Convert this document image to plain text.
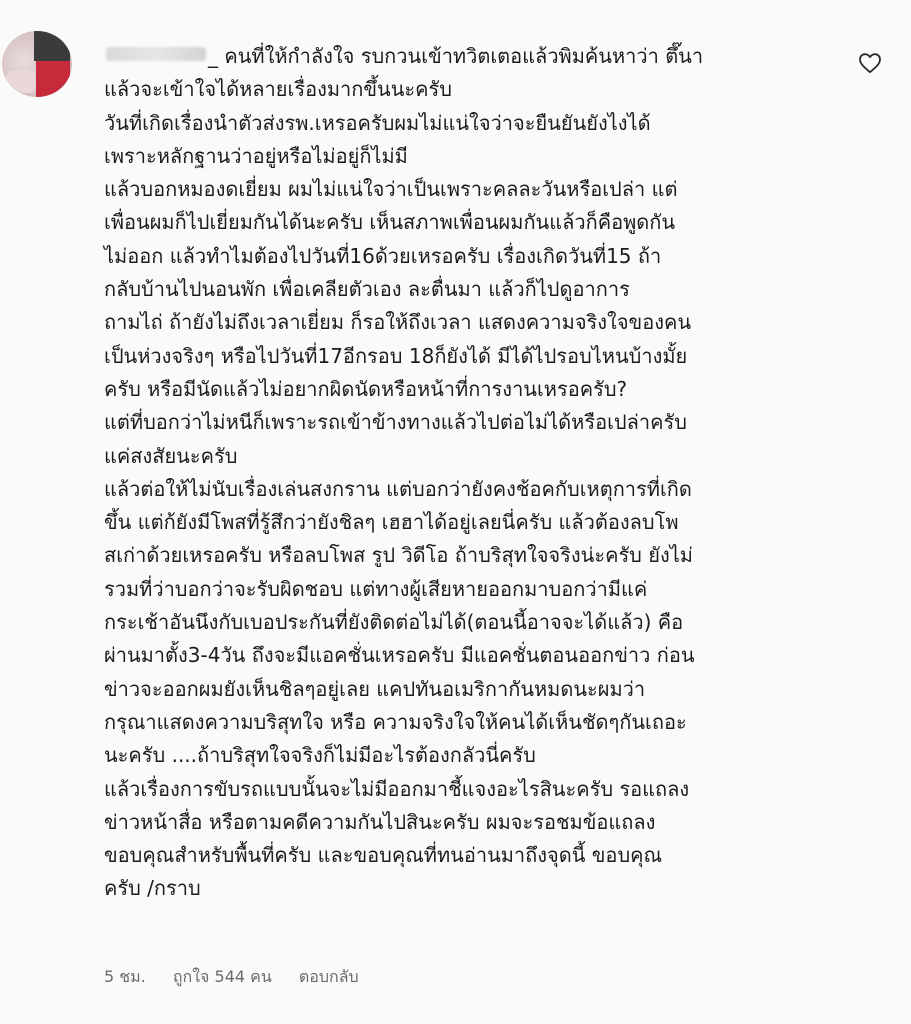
_ คนที่ให้กำลังใจ รบกวนเข้าทวิตเตอแล้วพิมค้นหาว่า ตึ๊นา
แล้วจะเข้าใจได้หลายเรื่องมากขึ้นนะครับ
วันที่เกิดเรื่องนำตัวส่งรพ.เหรอครับผมไม่แน่ใจว่าจะยืนยันยังไงได้
เพราะหลักฐานว่าอยู่หรือไม่อยู่ก็ไม่มี
แล้วบอกหมองดเยี่ยม ผมไม่แน่ใจว่าเป็นเพราะคลละวันหรือเปล่า แต่
เพื่อนผมก็ไปเยี่ยมกันได้นะครับ เห็นสภาพเพื่อนผมกันแล้วก็คือพูดกัน
ไม่ออก แล้วทำไมต้องไปวันที่16ด้วยเหรอครับ เรื่องเกิดวันที่15 ถ้า
กลับบ้านไปนอนพัก เพื่อเคลียตัวเอง ละตื่นมา แล้วก็ไปดูอาการ
ถามไถ่ ถ้ายังไม่ถึงเวลาเยี่ยม ก็รอให้ถึงเวลา แสดงความจริงใจของคน
เป็นห่วงจริงๆ หรือไปวันที่17อีกรอบ 18ก็ยังได้ มีได้ไปรอบไหนบ้างมั้ย
ครับ หรือมีนัดแล้วไม่อยากผิดนัดหรือหน้าที่การงานเหรอครับ?
แต่ที่บอกว่าไม่หนีก็เพราะรถเข้าข้างทางแล้วไปต่อไม่ได้หรือเปล่าครับ
แค่สงสัยนะครับ
แล้วต่อให้ไม่นับเรื่องเล่นสงกราน แต่บอกว่ายังคงช้อคกับเหตุการที่เกิด
ขึ้น แต่ก้ยังมีโพสที่รู้สึกว่ายังชิลๆ เฮฮาได้อยู่เลยนี่ครับ แล้วต้องลบโพ
สเก่าด้วยเหรอครับ หรือลบโพส รูป วิดีโอ ถ้าบริสุทใจจริงน่ะครับ ยังไม่
รวมที่ว่าบอกว่าจะรับผิดชอบ แต่ทางผู้เสียหายออกมาบอกว่ามีแค่
กระเช้าอันนึงกับเบอประกันที่ยังติดต่อไม่ได้(ตอนนี้อาจจะได้แล้ว) คือ
ผ่านมาตั้ง3-4วัน ถึงจะมีแอคชั่นเหรอครับ มีแอคชั่นตอนออกข่าว ก่อน
ข่าวจะออกผมยังเห็นชิลๆอยู่เลย แคปทันอเมริกากันหมดนะผมว่า
กรุณาแสดงความบริสุทใจ หรือ ความจริงใจให้คนได้เห็นชัดๆกันเถอะ
นะครับ ....ถ้าบริสุทใจจริงก็ไม่มีอะไรต้องกลัวนี่ครับ
แล้วเรื่องการขับรถแบบนั้นจะไม่มีออกมาชี้แจงอะไรสินะครับ รอแถลง
ข่าวหน้าสื่อ หรือตามคดีความกันไปสินะครับ ผมจะรอชมข้อแถลง
ขอบคุณสำหรับพื้นที่ครับ และขอบคุณที่ทนอ่านมาถึงจุดนี้ ขอบคุณ
ครับ /กราบ
5 ชม. ถูกใจ 544 คน ตอบกลับ
